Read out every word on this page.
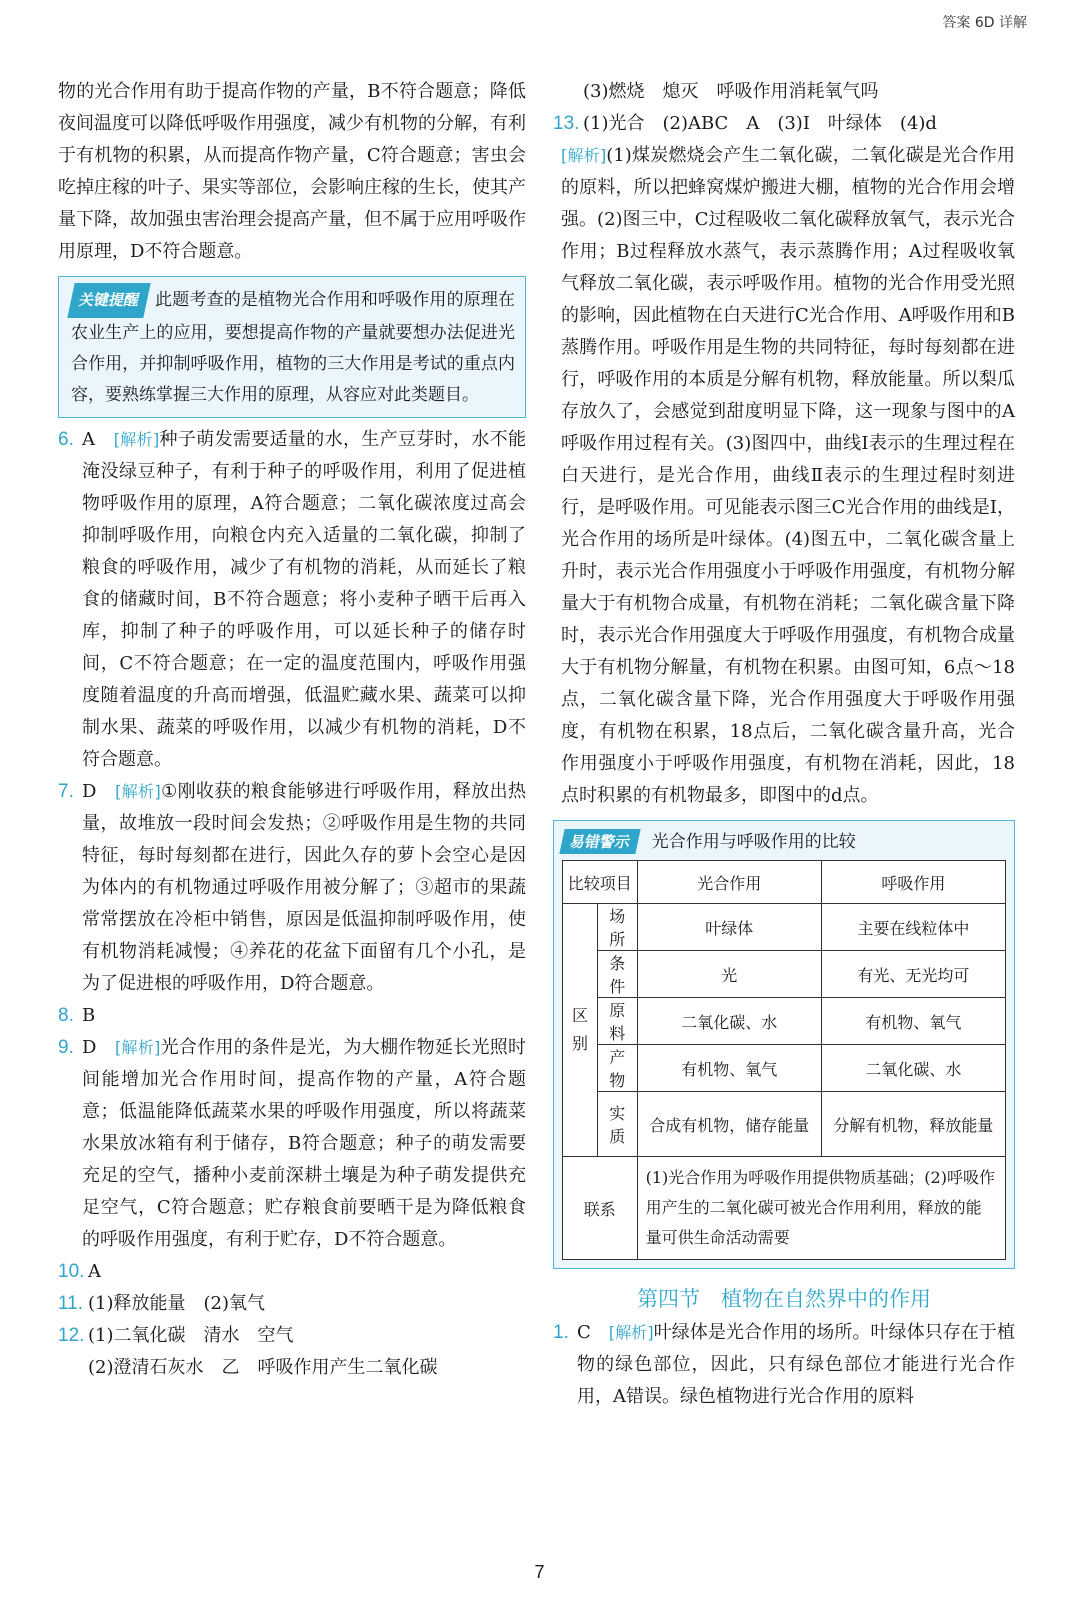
答案 6D 详解

物的光合作用有助于提高作物的产量，B不符合题意；降低夜间温度可以降低呼吸作用强度，减少有机物的分解，有利于有机物的积累，从而提高作物产量，C符合题意；害虫会吃掉庄稼的叶子、果实等部位，会影响庄稼的生长，使其产量下降，故加强虫害治理会提高产量，但不属于应用呼吸作用原理，D不符合题意。

关键提醒 此题考查的是植物光合作用和呼吸作用的原理在农业生产上的应用，要想提高作物的产量就要想办法促进光合作用，并抑制呼吸作用，植物的三大作用是考试的重点内容，要熟练掌握三大作用的原理，从容应对此类题目。

6. A　 [解析]种子萌发需要适量的水，生产豆芽时，水不能淹没绿豆种子，有利于种子的呼吸作用，利用了促进植物呼吸作用的原理，A符合题意；二氧化碳浓度过高会抑制呼吸作用，向粮仓内充入适量的二氧化碳，抑制了粮食的呼吸作用，减少了有机物的消耗，从而延长了粮食的储藏时间，B不符合题意；将小麦种子晒干后再入库，抑制了种子的呼吸作用，可以延长种子的储存时间，C不符合题意；在一定的温度范围内，呼吸作用强度随着温度的升高而增强，低温贮藏水果、蔬菜可以抑制水果、蔬菜的呼吸作用，以减少有机物的消耗，D不符合题意。

7. D　 [解析]①刚收获的粮食能够进行呼吸作用，释放出热量，故堆放一段时间会发热；②呼吸作用是生物的共同特征，每时每刻都在进行，因此久存的萝卜会空心是因为体内的有机物通过呼吸作用被分解了；③超市的果蔬常常摆放在冷柜中销售，原因是低温抑制呼吸作用，使有机物消耗减慢；④养花的花盆下面留有几个小孔，是为了促进根的呼吸作用，D符合题意。

8. B

9. D　 [解析]光合作用的条件是光，为大棚作物延长光照时间能增加光合作用时间，提高作物的产量，A符合题意；低温能降低蔬菜水果的呼吸作用强度，所以将蔬菜水果放冰箱有利于储存，B符合题意；种子的萌发需要充足的空气，播种小麦前深耕土壤是为种子萌发提供充足空气，C符合题意；贮存粮食前要晒干是为降低粮食的呼吸作用强度，有利于贮存，D不符合题意。

10. A

11. (1)释放能量　(2)氧气

12. (1)二氧化碳　清水　空气

(2)澄清石灰水　乙　呼吸作用产生二氧化碳

(3)燃烧　熄灭　呼吸作用消耗氧气吗

13. (1)光合　(2)ABC　A　(3)Ⅰ　叶绿体　(4)d

[解析](1)煤炭燃烧会产生二氧化碳，二氧化碳是光合作用的原料，所以把蜂窝煤炉搬进大棚，植物的光合作用会增强。(2)图三中，C过程吸收二氧化碳释放氧气，表示光合作用；B过程释放水蒸气，表示蒸腾作用；A过程吸收氧气释放二氧化碳，表示呼吸作用。植物的光合作用受光照的影响，因此植物在白天进行C光合作用、A呼吸作用和B蒸腾作用。呼吸作用是生物的共同特征，每时每刻都在进行，呼吸作用的本质是分解有机物，释放能量。所以梨瓜存放久了，会感觉到甜度明显下降，这一现象与图中的A呼吸作用过程有关。(3)图四中，曲线Ⅰ表示的生理过程在白天进行，是光合作用，曲线Ⅱ表示的生理过程时刻进行，是呼吸作用。可见能表示图三C光合作用的曲线是Ⅰ，光合作用的场所是叶绿体。(4)图五中，二氧化碳含量上升时，表示光合作用强度小于呼吸作用强度，有机物分解量大于有机物合成量，有机物在消耗；二氧化碳含量下降时，表示光合作用强度大于呼吸作用强度，有机物合成量大于有机物分解量，有机物在积累。由图可知，6点～18点，二氧化碳含量下降，光合作用强度大于呼吸作用强度，有机物在积累，18点后，二氧化碳含量升高，光合作用强度小于呼吸作用强度，有机物在消耗，因此，18点时积累的有机物最多，即图中的d点。

易错警示 光合作用与呼吸作用的比较
比较项目		光合作用	呼吸作用
区别	场所	叶绿体	主要在线粒体中
	条件	光	有光、无光均可
	原料	二氧化碳、水	有机物、氧气
	产物	有机物、氧气	二氧化碳、水
	实质	合成有机物，储存能量	分解有机物，释放能量
联系		(1)光合作用为呼吸作用提供物质基础；(2)呼吸作用产生的二氧化碳可被光合作用利用，释放的能量可供生命活动需要	
第四节　植物在自然界中的作用

1. C　 [解析]叶绿体是光合作用的场所。叶绿体只存在于植物的绿色部位，因此，只有绿色部位才能进行光合作用，A错误。绿色植物进行光合作用的原料

7
